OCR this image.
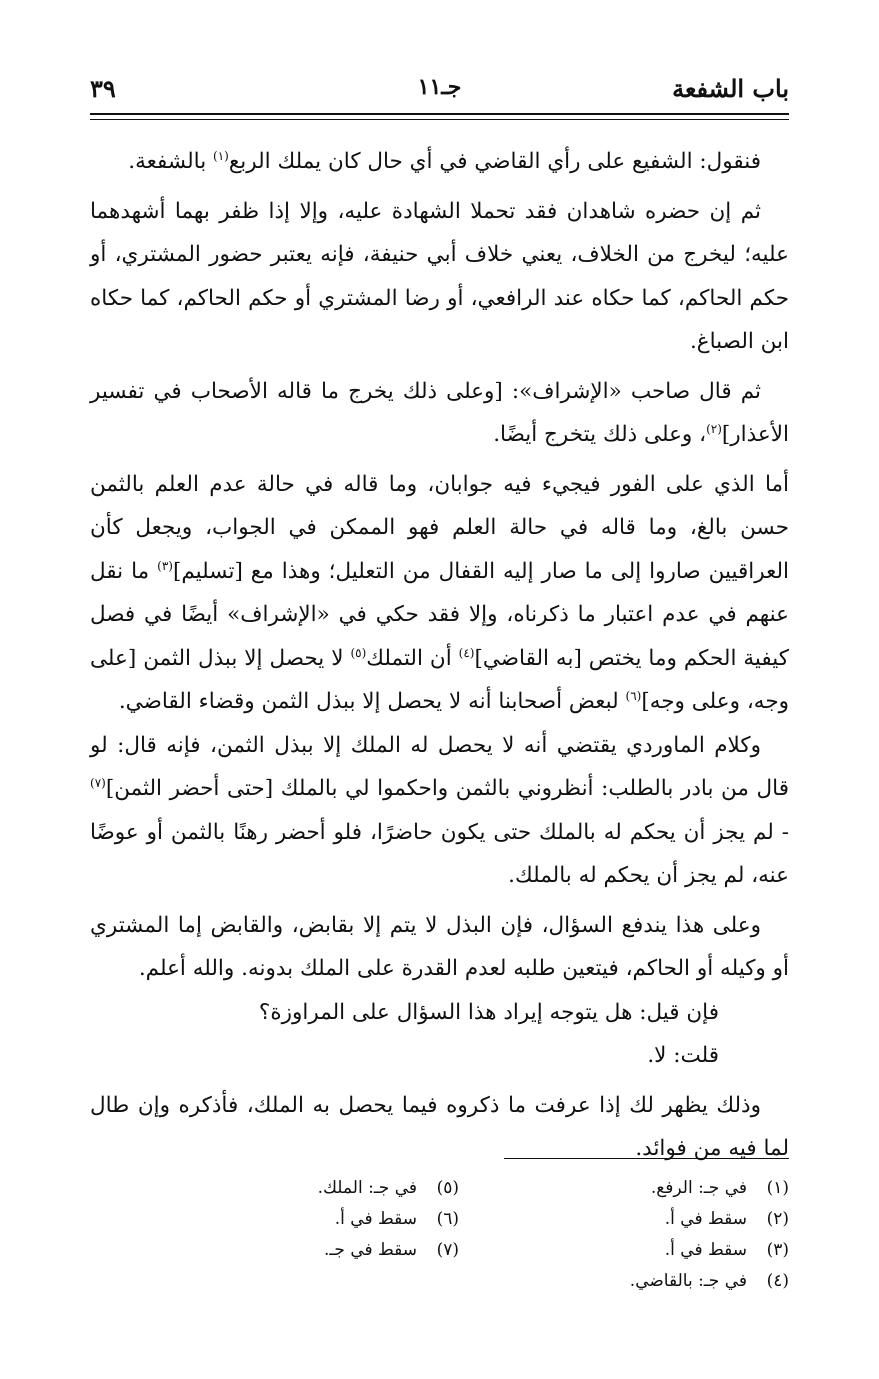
باب الشفعة
جـ١١
٣٩

فنقول: الشفيع على رأي القاضي في أي حال كان يملك الربع$^{(١)}$ بالشفعة.

ثم إن حضره شاهدان فقد تحملا الشهادة عليه، وإلا إذا ظفر بهما أشهدهما عليه؛ ليخرج من الخلاف، يعني خلاف أبي حنيفة، فإنه يعتبر حضور المشتري، أو حكم الحاكم، كما حكاه عند الرافعي، أو رضا المشتري أو حكم الحاكم، كما حكاه ابن الصباغ.

ثم قال صاحب «الإشراف»: [وعلى ذلك يخرج ما قاله الأصحاب في تفسير الأعذار]$^{(٢)}$، وعلى ذلك يتخرج أيضًا.

أما الذي على الفور فيجيء فيه جوابان، وما قاله في حالة عدم العلم بالثمن حسن بالغ، وما قاله في حالة العلم فهو الممكن في الجواب، ويجعل كأن العراقيين صاروا إلى ما صار إليه القفال من التعليل؛ وهذا مع [تسليم]$^{(٣)}$ ما نقل عنهم في عدم اعتبار ما ذكرناه، وإلا فقد حكي في «الإشراف» أيضًا في فصل كيفية الحكم وما يختص [به القاضي]$^{(٤)}$ أن التملك$^{(٥)}$ لا يحصل إلا ببذل الثمن [على وجه، وعلى وجه]$^{(٦)}$ لبعض أصحابنا أنه لا يحصل إلا ببذل الثمن وقضاء القاضي.

وكلام الماوردي يقتضي أنه لا يحصل له الملك إلا ببذل الثمن، فإنه قال: لو قال من بادر بالطلب: أنظروني بالثمن واحكموا لي بالملك [حتى أحضر الثمن]$^{(٧)}$ - لم يجز أن يحكم له بالملك حتى يكون حاضرًا، فلو أحضر رهنًا بالثمن أو عوضًا عنه، لم يجز أن يحكم له بالملك.

وعلى هذا يندفع السؤال، فإن البذل لا يتم إلا بقابض، والقابض إما المشتري أو وكيله أو الحاكم، فيتعين طلبه لعدم القدرة على الملك بدونه. والله أعلم.

فإن قيل: هل يتوجه إيراد هذا السؤال على المراوزة؟

قلت: لا.

وذلك يظهر لك إذا عرفت ما ذكروه فيما يحصل به الملك، فأذكره وإن طال لما فيه من فوائد.

(١)في جـ: الرفع.
(٢)سقط في أ.
(٣)سقط في أ.
(٤)في جـ: بالقاضي.
(٥)في جـ: الملك.
(٦)سقط في أ.
(٧)سقط في جـ.
